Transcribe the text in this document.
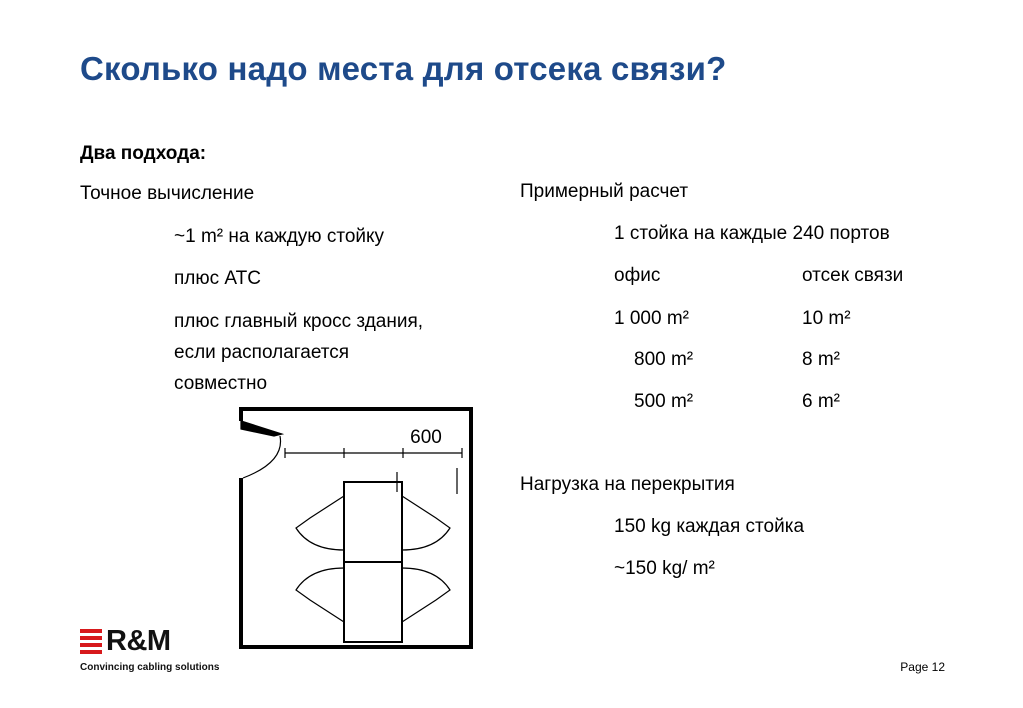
Сколько надо места для отсека связи?
Два подхода:
Точное вычисление
~1 m² на каждую стойку
плюс АТС
плюс главный кросс здания,
если располагается
совместно
600
Примерный расчет
1 стойка на каждые 240 портов
офис	отсек связи
1 000 m²	10 m²
800 m²	8 m²
500 m²	6 m²
Нагрузка на перекрытия
150 kg каждая стойка
~150 kg/ m²
R&M
Convincing cabling solutions	Page 12
